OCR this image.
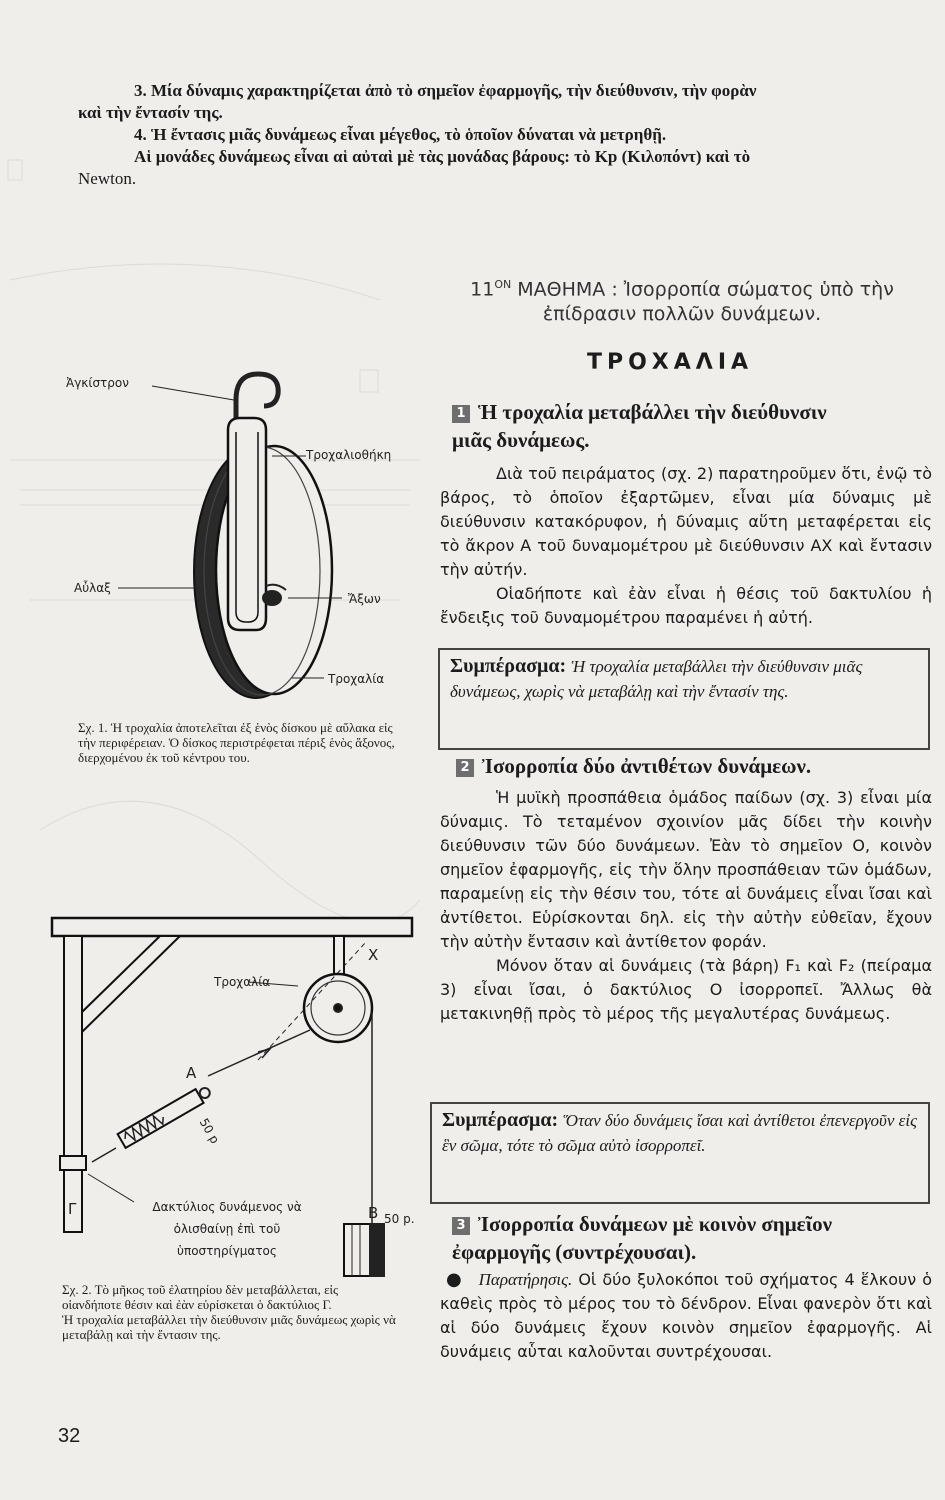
3. Μία δύναμις χαρακτηρίζεται ἀπὸ τὸ σημεῖον ἐφαρμογῆς, τὴν διεύθυνσιν, τὴν φορὰν

καὶ τὴν ἔντασίν της.

4. Ἡ ἔντασις μιᾶς δυνάμεως εἶναι μέγεθος, τὸ ὁποῖον δύναται νὰ μετρηθῇ.

Αἱ μονάδες δυνάμεως εἶναι αἱ αὐταὶ μὲ τὰς μονάδας βάρους: τὸ Kp (Κιλοπόντ) καὶ τὸ

Newton.

$11^{ON}$ ΜΑΘΗΜΑ : Ἰσορροπία σώματος ὑπὸ τὴν
ἐπίδρασιν πολλῶν δυνάμεων.
ΤΡΟΧΑΛΙΑ
1 Ἡ τροχαλία μεταβάλλει τὴν διεύθυνσιν
μιᾶς δυνάμεως.

Διὰ τοῦ πειράματος (σχ. 2) παρατηροῦμεν ὅτι, ἐνῷ τὸ βάρος, τὸ ὁποῖον ἐξαρτῶμεν, εἶναι μία δύναμις μὲ διεύθυνσιν κατακόρυφον, ἡ δύναμις αὕτη μεταφέρεται εἰς τὸ ἄκρον Α τοῦ δυναμομέτρου μὲ διεύθυνσιν ΑΧ καὶ ἔντασιν τὴν αὐτήν.

Οἱαδήποτε καὶ ἐὰν εἶναι ἡ θέσις τοῦ δακτυλίου ἡ ἔνδειξις τοῦ δυναμομέτρου παραμένει ἡ αὐτή.

Συμπέρασμα: Ἡ τροχαλία μεταβάλλει τὴν διεύθυνσιν μιᾶς δυνάμεως, χωρὶς νὰ μεταβάλῃ καὶ τὴν ἔντασίν της.
2 Ἰσορροπία δύο ἀντιθέτων δυνάμεων.

Ἡ μυϊκὴ προσπάθεια ὁμάδος παίδων (σχ. 3) εἶναι μία δύναμις. Τὸ τεταμένον σχοινίον μᾶς δίδει τὴν κοινὴν διεύθυνσιν τῶν δύο δυνάμεων. Ἐὰν τὸ σημεῖον Ο, κοινὸν σημεῖον ἐφαρμογῆς, εἰς τὴν ὅλην προσπάθειαν τῶν ὁμάδων, παραμείνῃ εἰς τὴν θέσιν του, τότε αἱ δυνάμεις εἶναι ἴσαι καὶ ἀντίθετοι. Εὑρίσκονται δηλ. εἰς τὴν αὐτὴν εὐθεῖαν, ἔχουν τὴν αὐτὴν ἔντασιν καὶ ἀντίθετον φοράν.

Μόνον ὅταν αἱ δυνάμεις (τὰ βάρη) F₁ καὶ F₂ (πείραμα 3) εἶναι ἴσαι, ὁ δακτύλιος Ο ἰσορροπεῖ. Ἄλλως θὰ μετακινηθῇ πρὸς τὸ μέρος τῆς μεγαλυτέρας δυνάμεως.

Συμπέρασμα: Ὅταν δύο δυνάμεις ἴσαι καὶ ἀντίθετοι ἐπενεργοῦν εἰς ἓν σῶμα, τότε τὸ σῶμα αὐτὸ ἰσορροπεῖ.
3 Ἰσορροπία δυνάμεων μὲ κοινὸν σημεῖον
ἐφαρμογῆς (συντρέχουσαι).

● Παρατήρησις. Οἱ δύο ξυλοκόποι τοῦ σχήματος 4 ἕλκουν ὁ καθεὶς πρὸς τὸ μέρος του τὸ δένδρον. Εἶναι φανερὸν ὅτι καὶ αἱ δύο δυνάμεις ἔχουν κοινὸν σημεῖον ἐφαρμογῆς. Αἱ δυνάμεις αὗται καλοῦνται συντρέχουσαι.

Ἀγκίστρον
Τροχαλιοθήκη
Αὖλαξ
Ἄξων
Τροχαλία
Σχ. 1. Ἡ τροχαλία ἀποτελεῖται ἐξ ἑνὸς δίσκου μὲ αὔλακα εἰς τὴν περιφέρειαν. Ὁ δίσκος περιστρέφεται πέριξ ἑνὸς ἄξονος, διερχομένου ἐκ τοῦ κέντρου του.
Τροχαλία
X
A
50 p
Γ	B 50 p.
Δακτύλιος δυνάμενος νὰ
ὀλισθαίνῃ ἐπὶ τοῦ
ὑποστηρίγματος
Σχ. 2. Τὸ μῆκος τοῦ ἐλατηρίου δὲν μεταβάλλεται, εἰς οἱανδήποτε θέσιν καὶ ἐὰν εὑρίσκεται ὁ δακτύλιος Γ.
Ἡ τροχαλία μεταβάλλει τὴν διεύθυνσιν μιᾶς δυνάμεως χωρὶς νὰ μεταβάλῃ καὶ τὴν ἔντασιν της.
32
